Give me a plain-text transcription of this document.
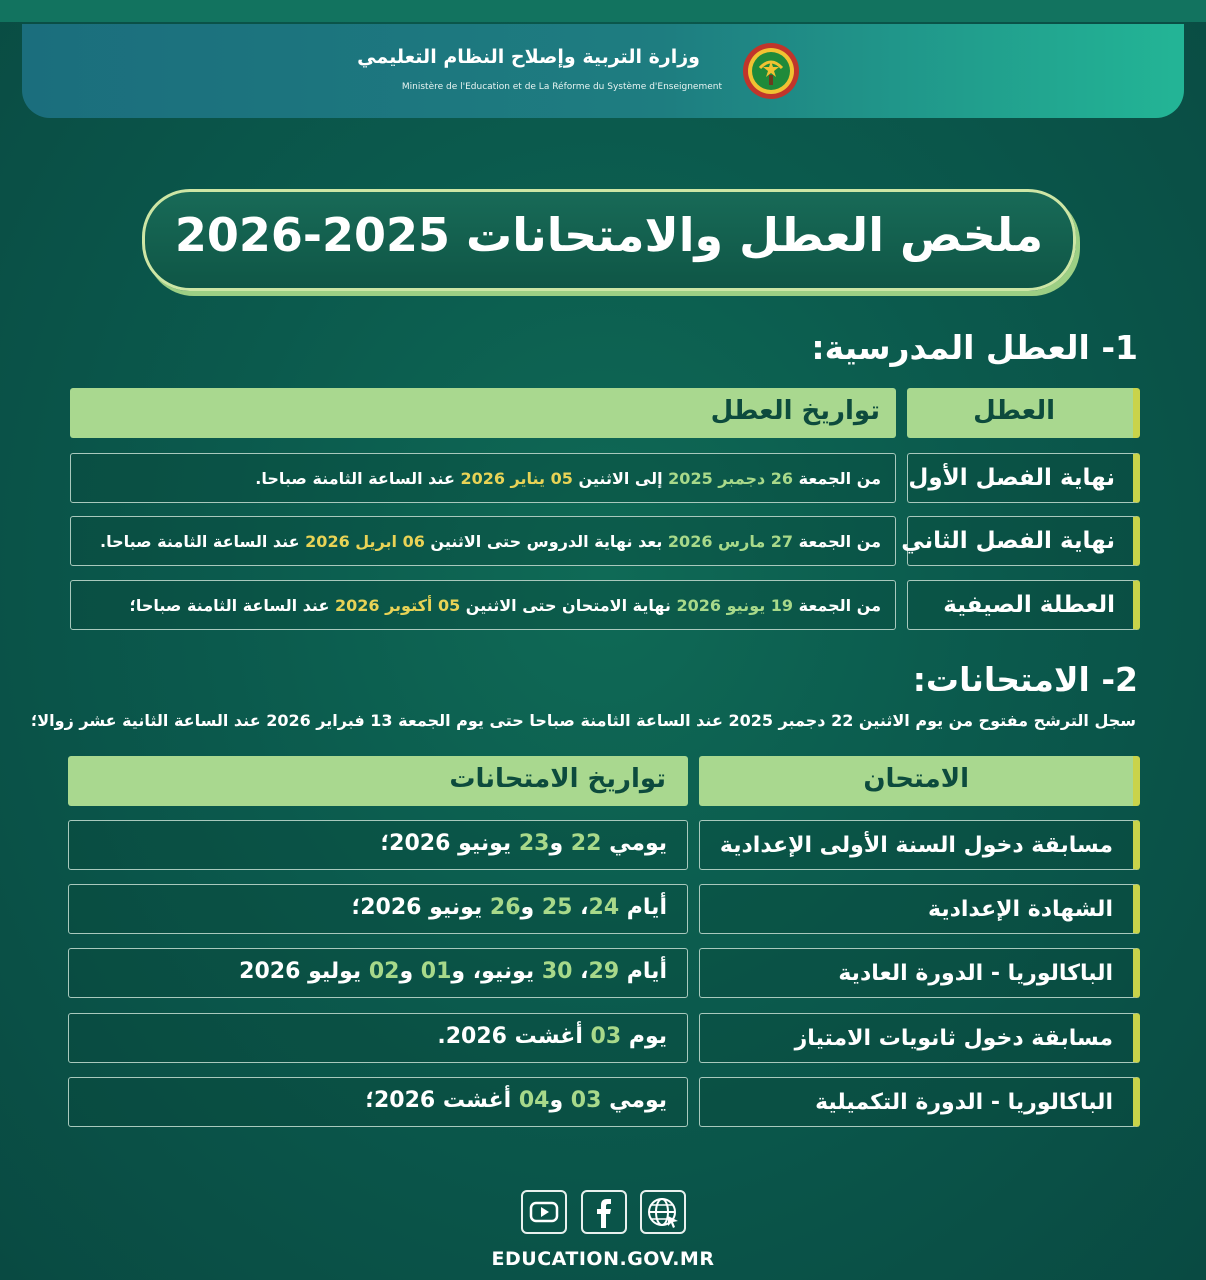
وزارة التربية وإصلاح النظام التعليمي
Ministère de l'Education et de La Réforme du Système d'Enseignement
ملخص العطل والامتحانات 2025-2026
1- العطل المدرسية:
العطل
تواريخ العطل
نهاية الفصل الأول
من الجمعة 26 دجمبر 2025 إلى الاثنين 05 يناير 2026 عند الساعة الثامنة صباحا.
نهاية الفصل الثاني
من الجمعة 27 مارس 2026 بعد نهاية الدروس حتى الاثنين 06 ابريل 2026 عند الساعة الثامنة صباحا.
العطلة الصيفية
من الجمعة 19 يونيو 2026 نهاية الامتحان حتى الاثنين 05 أكتوبر 2026 عند الساعة الثامنة صباحا؛
2- الامتحانات:
سجل الترشح مفتوح من يوم الاثنين 22 دجمبر 2025 عند الساعة الثامنة صباحا حتى يوم الجمعة 13 فبراير 2026 عند الساعة الثانية عشر زوالا؛
الامتحان
تواريخ الامتحانات
مسابقة دخول السنة الأولى الإعدادية
يومي 22 و23 يونيو 2026؛
الشهادة الإعدادية
أيام 24، 25 و26 يونيو 2026؛
الباكالوريا - الدورة العادية
أيام 29، 30 يونيو، و01 و02 يوليو 2026
مسابقة دخول ثانويات الامتياز
يوم 03 أغشت 2026.
الباكالوريا - الدورة التكميلية
يومي 03 و04 أغشت 2026؛
EDUCATION.GOV.MR
